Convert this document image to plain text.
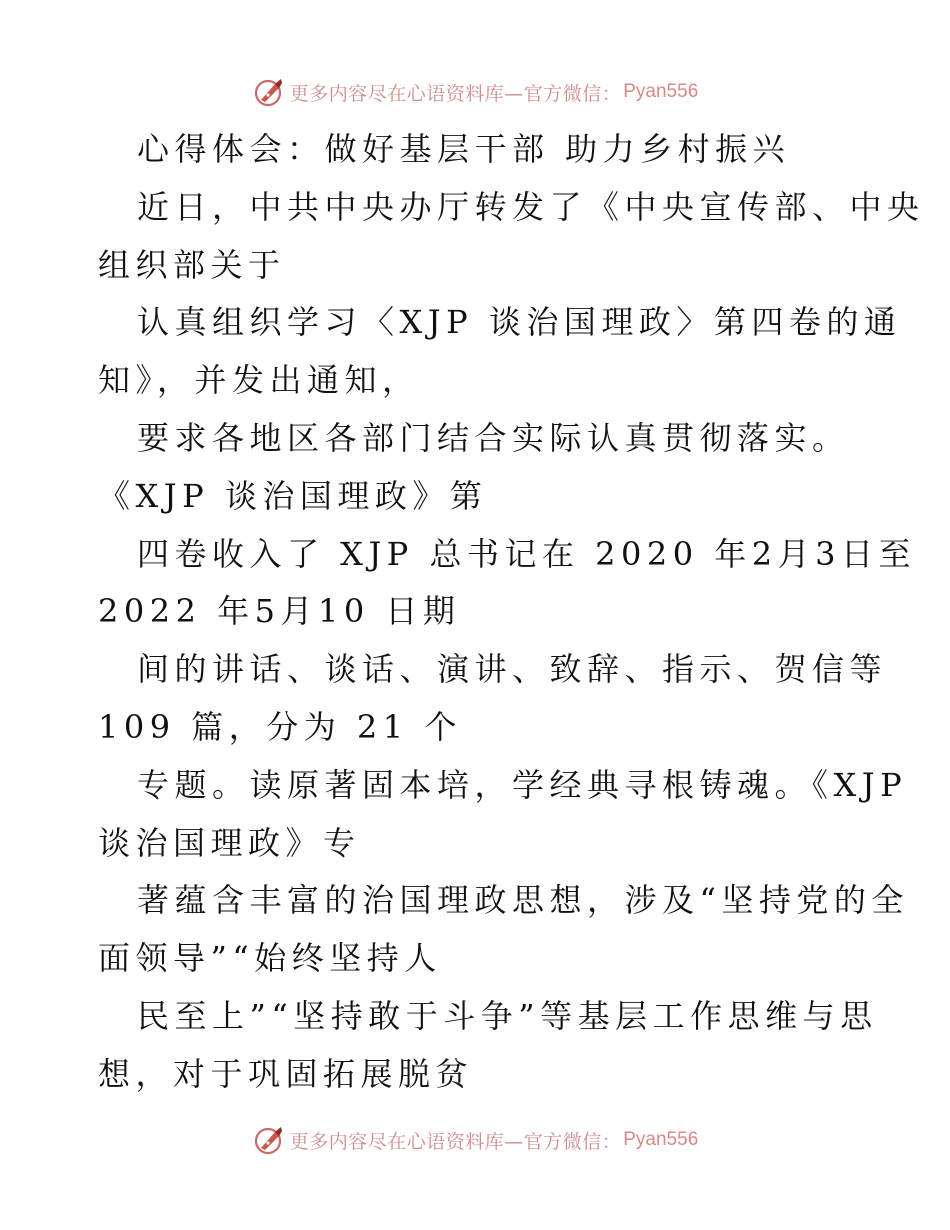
更多内容尽在心语资料库—官方微信： Pyan556
心得体会：做好基层干部 助力乡村振兴
近日，中共中央办厅转发了《中央宣传部、中央
组织部关于
认真组织学习〈XJP 谈治国理政〉第四卷的通
知》，并发出通知，
要求各地区各部门结合实际认真贯彻落实。
《XJP 谈治国理政》第
四卷收入了 XJP 总书记在 2020 年2月3日至
2022 年5月10 日期
间的讲话、谈话、演讲、致辞、指示、贺信等
109 篇，分为 21 个
专题。读原著固本培，学经典寻根铸魂。《XJP
谈治国理政》专
著蕴含丰富的治国理政思想，涉及“坚持党的全
面领导”“始终坚持人
民至上”“坚持敢于斗争”等基层工作思维与思
想，对于巩固拓展脱贫
更多内容尽在心语资料库—官方微信： Pyan556
